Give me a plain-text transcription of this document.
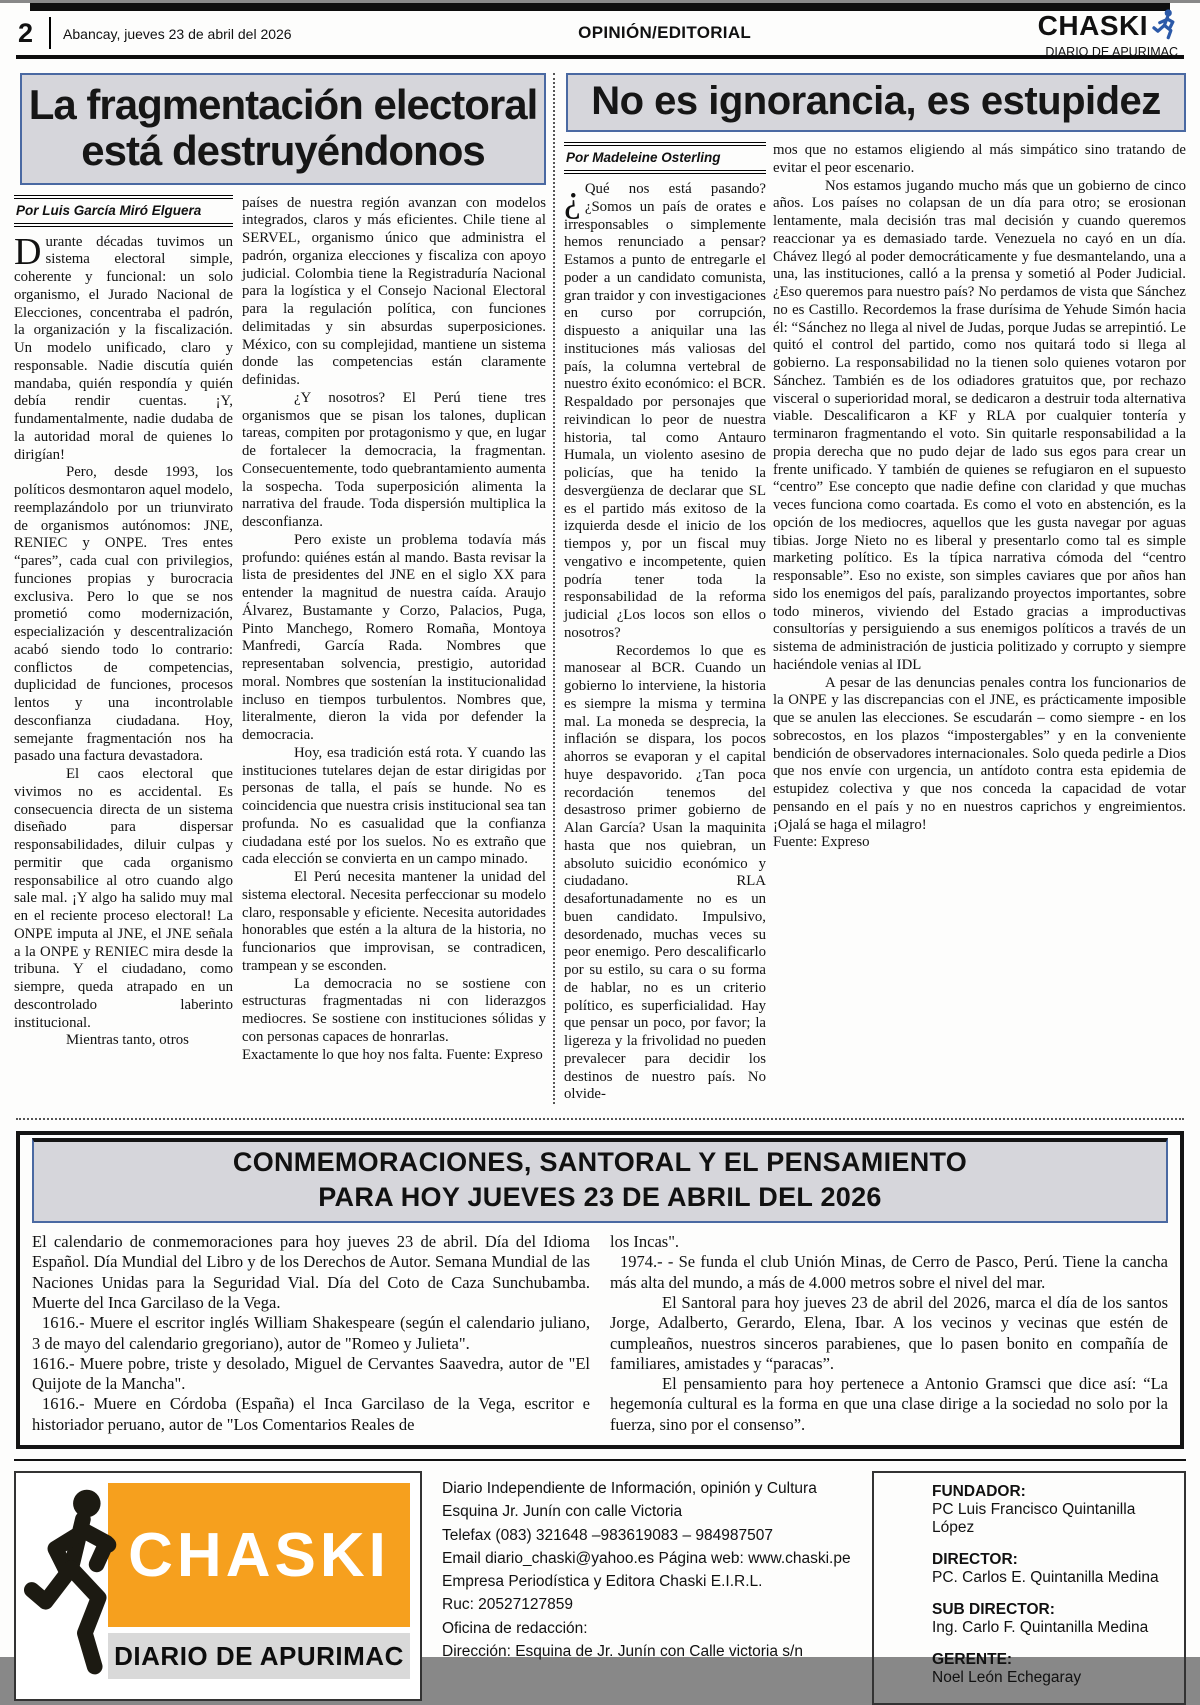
2 Abancay, jueves 23 de abril del 2026	OPINIÓN/EDITORIAL	CHASKI
DIARIO DE APURIMAC
La fragmentación electoral está destruyéndonos
Por Luis García Miró Elguera

Durante décadas tuvimos un sistema electoral simple, coherente y funcional: un solo organismo, el Jurado Nacional de Elecciones, concentraba el padrón, la organización y la fiscalización. Un modelo unificado, claro y responsable. Nadie discutía quién mandaba, quién respondía y quién debía rendir cuentas. ¡Y, fundamentalmente, nadie dudaba de la autoridad moral de quienes lo dirigían!

Pero, desde 1993, los políticos desmontaron aquel modelo, reemplazándolo por un triunvirato de organismos autónomos: JNE, RENIEC y ONPE. Tres entes “pares”, cada cual con privilegios, funciones propias y burocracia exclusiva. Pero lo que se nos prometió como modernización, especialización y descentralización acabó siendo todo lo contrario: conflictos de competencias, duplicidad de funciones, procesos lentos y una incontrolable desconfianza ciudadana. Hoy, semejante fragmentación nos ha pasado una factura devastadora.

El caos electoral que vivimos no es accidental. Es consecuencia directa de un sistema diseñado para dispersar responsabilidades, diluir culpas y permitir que cada organismo responsabilice al otro cuando algo sale mal. ¡Y algo ha salido muy mal en el reciente proceso electoral! La ONPE imputa al JNE, el JNE señala a la ONPE y RENIEC mira desde la tribuna. Y el ciudadano, como siempre, queda atrapado en un descontrolado laberinto institucional.

Mientras tanto, otros

países de nuestra región avanzan con modelos integrados, claros y más eficientes. Chile tiene al SERVEL, organismo único que administra el padrón, organiza elecciones y fiscaliza con apoyo judicial. Colombia tiene la Registraduría Nacional para la logística y el Consejo Nacional Electoral para la regulación política, con funciones delimitadas y sin absurdas superposiciones. México, con su complejidad, mantiene un sistema donde las competencias están claramente definidas.

¿Y nosotros? El Perú tiene tres organismos que se pisan los talones, duplican tareas, compiten por protagonismo y que, en lugar de fortalecer la democracia, la fragmentan. Consecuentemente, todo quebrantamiento aumenta la sospecha. Toda superposición alimenta la narrativa del fraude. Toda dispersión multiplica la desconfianza.

Pero existe un problema todavía más profundo: quiénes están al mando. Basta revisar la lista de presidentes del JNE en el siglo XX para entender la magnitud de nuestra caída. Araujo Álvarez, Bustamante y Corzo, Palacios, Puga, Pinto Manchego, Romero Romaña, Montoya Manfredi, García Rada. Nombres que representaban solvencia, prestigio, autoridad moral. Nombres que sostenían la institucionalidad incluso en tiempos turbulentos. Nombres que, literalmente, dieron la vida por defender la democracia.

Hoy, esa tradición está rota. Y cuando las instituciones tutelares dejan de estar dirigidas por personas de talla, el país se hunde. No es coincidencia que nuestra crisis institucional sea tan profunda. No es casualidad que la confianza ciudadana esté por los suelos. No es extraño que cada elección se convierta en un campo minado.

El Perú necesita mantener la unidad del sistema electoral. Necesita perfeccionar su modelo claro, responsable y eficiente. Necesita autoridades honorables que estén a la altura de la historia, no funcionarios que improvisan, se contradicen, trampean y se esconden.

La democracia no se sostiene con estructuras fragmentadas ni con liderazgos mediocres. Se sostiene con instituciones sólidas y con personas capaces de honrarlas.

Exactamente lo que hoy nos falta. Fuente: Expreso

No es ignorancia, es estupidez
Por Madeleine Osterling

¿ Qué nos está pasando? ¿Somos un país de orates e irresponsables o simplemente hemos renunciado a pensar? Estamos a punto de entregarle el poder a un candidato comunista, gran traidor y con investigaciones en curso por corrupción, dispuesto a aniquilar una las instituciones más valiosas del país, la columna vertebral de nuestro éxito económico: el BCR. Respaldado por personajes que reivindican lo peor de nuestra historia, tal como Antauro Humala, un violento asesino de policías, que ha tenido la desvergüenza de declarar que SL es el partido más exitoso de la izquierda desde el inicio de los tiempos y, por un fiscal muy vengativo e incompetente, quien podría tener toda la responsabilidad de la reforma judicial ¿Los locos son ellos o nosotros?

Recordemos lo que es manosear al BCR. Cuando un gobierno lo interviene, la historia es siempre la misma y termina mal. La moneda se desprecia, la inflación se dispara, los pocos ahorros se evaporan y el capital huye despavorido. ¿Tan poca recordación tenemos del desastroso primer gobierno de Alan García? Usan la maquinita hasta que nos quiebran, un absoluto suicidio económico y ciudadano. RLA desafortunadamente no es un buen candidato. Impulsivo, desordenado, muchas veces su peor enemigo. Pero descalificarlo por su estilo, su cara o su forma de hablar, no es un criterio político, es superficialidad. Hay que pensar un poco, por favor; la ligereza y la frivolidad no pueden prevalecer para decidir los destinos de nuestro país. No olvide-

mos que no estamos eligiendo al más simpático sino tratando de evitar el peor escenario.

Nos estamos jugando mucho más que un gobierno de cinco años. Los países no colapsan de un día para otro; se erosionan lentamente, mala decisión tras mal decisión y cuando queremos reaccionar ya es demasiado tarde. Venezuela no cayó en un día. Chávez llegó al poder democráticamente y fue desmantelando, una a una, las instituciones, calló a la prensa y sometió al Poder Judicial. ¿Eso queremos para nuestro país? No perdamos de vista que Sánchez no es Castillo. Recordemos la frase durísima de Yehude Simón hacia él: “Sánchez no llega al nivel de Judas, porque Judas se arrepintió. Le quitó el control del partido, como nos quitará todo si llega al gobierno. La responsabilidad no la tienen solo quienes votaron por Sánchez. También es de los odiadores gratuitos que, por rechazo visceral o superioridad moral, se dedicaron a destruir toda alternativa viable. Descalificaron a KF y RLA por cualquier tontería y terminaron fragmentando el voto. Sin quitarle responsabilidad a la propia derecha que no pudo dejar de lado sus egos para crear un frente unificado. Y también de quienes se refugiaron en el supuesto “centro” Ese concepto que nadie define con claridad y que muchas veces funciona como coartada. Es como el voto en abstención, es la opción de los mediocres, aquellos que les gusta navegar por aguas tibias. Jorge Nieto no es liberal y presentarlo como tal es simple marketing político. Es la típica narrativa cómoda del “centro responsable”. Eso no existe, son simples caviares que por años han sido los enemigos del país, paralizando proyectos importantes, sobre todo mineros, viviendo del Estado gracias a improductivas consultorías y persiguiendo a sus enemigos políticos a través de un sistema de administración de justicia politizado y corrupto y siempre haciéndole venias al IDL

A pesar de las denuncias penales contra los funcionarios de la ONPE y las discrepancias con el JNE, es prácticamente imposible que se anulen las elecciones. Se escudarán – como siempre - en los sobrecostos, en los plazos “impostergables” y en la conveniente bendición de observadores internacionales. Solo queda pedirle a Dios que nos envíe con urgencia, un antídoto contra esta epidemia de estupidez colectiva y que nos conceda la capacidad de votar pensando en el país y no en nuestros caprichos y engreimientos. ¡Ojalá se haga el milagro!

Fuente: Expreso

CONMEMORACIONES, SANTORAL Y EL PENSAMIENTO
PARA HOY JUEVES 23 DE ABRIL DEL 2026

El calendario de conmemoraciones para hoy jueves 23 de abril. Día del Idioma Español. Día Mundial del Libro y de los Derechos de Autor. Semana Mundial de las Naciones Unidas para la Seguridad Vial. Día del Coto de Caza Sunchubamba. Muerte del Inca Garcilaso de la Vega.

1616.- Muere el escritor inglés William Shakespeare (según el calendario juliano, 3 de mayo del calendario gregoriano), autor de "Romeo y Julieta".

1616.- Muere pobre, triste y desolado, Miguel de Cervantes Saavedra, autor de "El Quijote de la Mancha".

1616.- Muere en Córdoba (España) el Inca Garcilaso de la Vega, escritor e historiador peruano, autor de "Los Comentarios Reales de

los Incas".

1974.- - Se funda el club Unión Minas, de Cerro de Pasco, Perú. Tiene la cancha más alta del mundo, a más de 4.000 metros sobre el nivel del mar.

El Santoral para hoy jueves 23 de abril del 2026, marca el día de los santos Jorge, Adalberto, Gerardo, Elena, Ibar. A los vecinos y vecinas que estén de cumpleaños, nuestros sinceros parabienes, que lo pasen bonito en compañía de familiares, amistades y “paracas”.

El pensamiento para hoy pertenece a Antonio Gramsci que dice así: “La hegemonía cultural es la forma en que una clase dirige a la sociedad no solo por la fuerza, sino por el consenso”.

CHASKI
DIARIO DE APURIMAC
Diario Independiente de Información, opinión y Cultura
Esquina Jr. Junín con calle Victoria
Telefax (083) 321648 –983619083 – 984987507
Email diario_chaski@yahoo.es Página web: www.chaski.pe
Empresa Periodística y Editora Chaski E.I.R.L.
Ruc: 20527127859
Oficina de redacción:
Dirección: Esquina de Jr. Junín con Calle victoria s/n
FUNDADOR:
PC Luis Francisco Quintanilla López
DIRECTOR:
PC. Carlos E. Quintanilla Medina
SUB DIRECTOR:
Ing. Carlo F. Quintanilla Medina
GERENTE:
Noel León Echegaray
